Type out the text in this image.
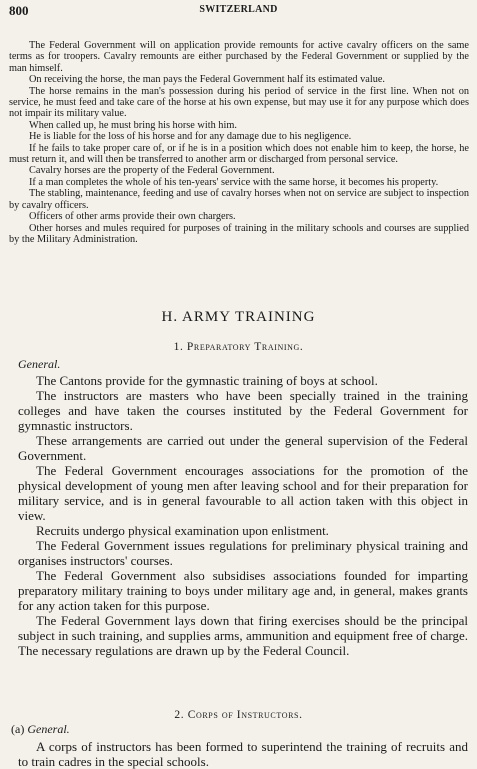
800	SWITZERLAND

The Federal Government will on application provide remounts for active cavalry officers on the same terms as for troopers. Cavalry remounts are either purchased by the Federal Government or supplied by the man himself.

On receiving the horse, the man pays the Federal Government half its estimated value.

The horse remains in the man's possession during his period of service in the first line. When not on service, he must feed and take care of the horse at his own expense, but may use it for any purpose which does not impair its military value.

When called up, he must bring his horse with him.

He is liable for the loss of his horse and for any damage due to his negligence.

If he fails to take proper care of, or if he is in a position which does not enable him to keep, the horse, he must return it, and will then be transferred to another arm or discharged from personal service.

Cavalry horses are the property of the Federal Government.

If a man completes the whole of his ten-years' service with the same horse, it becomes his property.

The stabling, maintenance, feeding and use of cavalry horses when not on service are subject to inspection by cavalry officers.

Officers of other arms provide their own chargers.

Other horses and mules required for purposes of training in the military schools and courses are supplied by the Military Administration.

H. ARMY TRAINING
1. Preparatory Training.
General.

The Cantons provide for the gymnastic training of boys at school.

The instructors are masters who have been specially trained in the training colleges and have taken the courses instituted by the Federal Government for gymnastic instructors.

These arrangements are carried out under the general supervision of the Federal Government.

The Federal Government encourages associations for the promotion of the physical development of young men after leaving school and for their preparation for military service, and is in general favourable to all action taken with this object in view.

Recruits undergo physical examination upon enlistment.

The Federal Government issues regulations for preliminary physical training and organises instructors' courses.

The Federal Government also subsidises associations founded for imparting preparatory military training to boys under military age and, in general, makes grants for any action taken for this purpose.

The Federal Government lays down that firing exercises should be the principal subject in such training, and supplies arms, ammunition and equipment free of charge. The necessary regulations are drawn up by the Federal Council.

2. Corps of Instructors.
(a) General.

A corps of instructors has been formed to superintend the training of recruits and to train cadres in the special schools.
